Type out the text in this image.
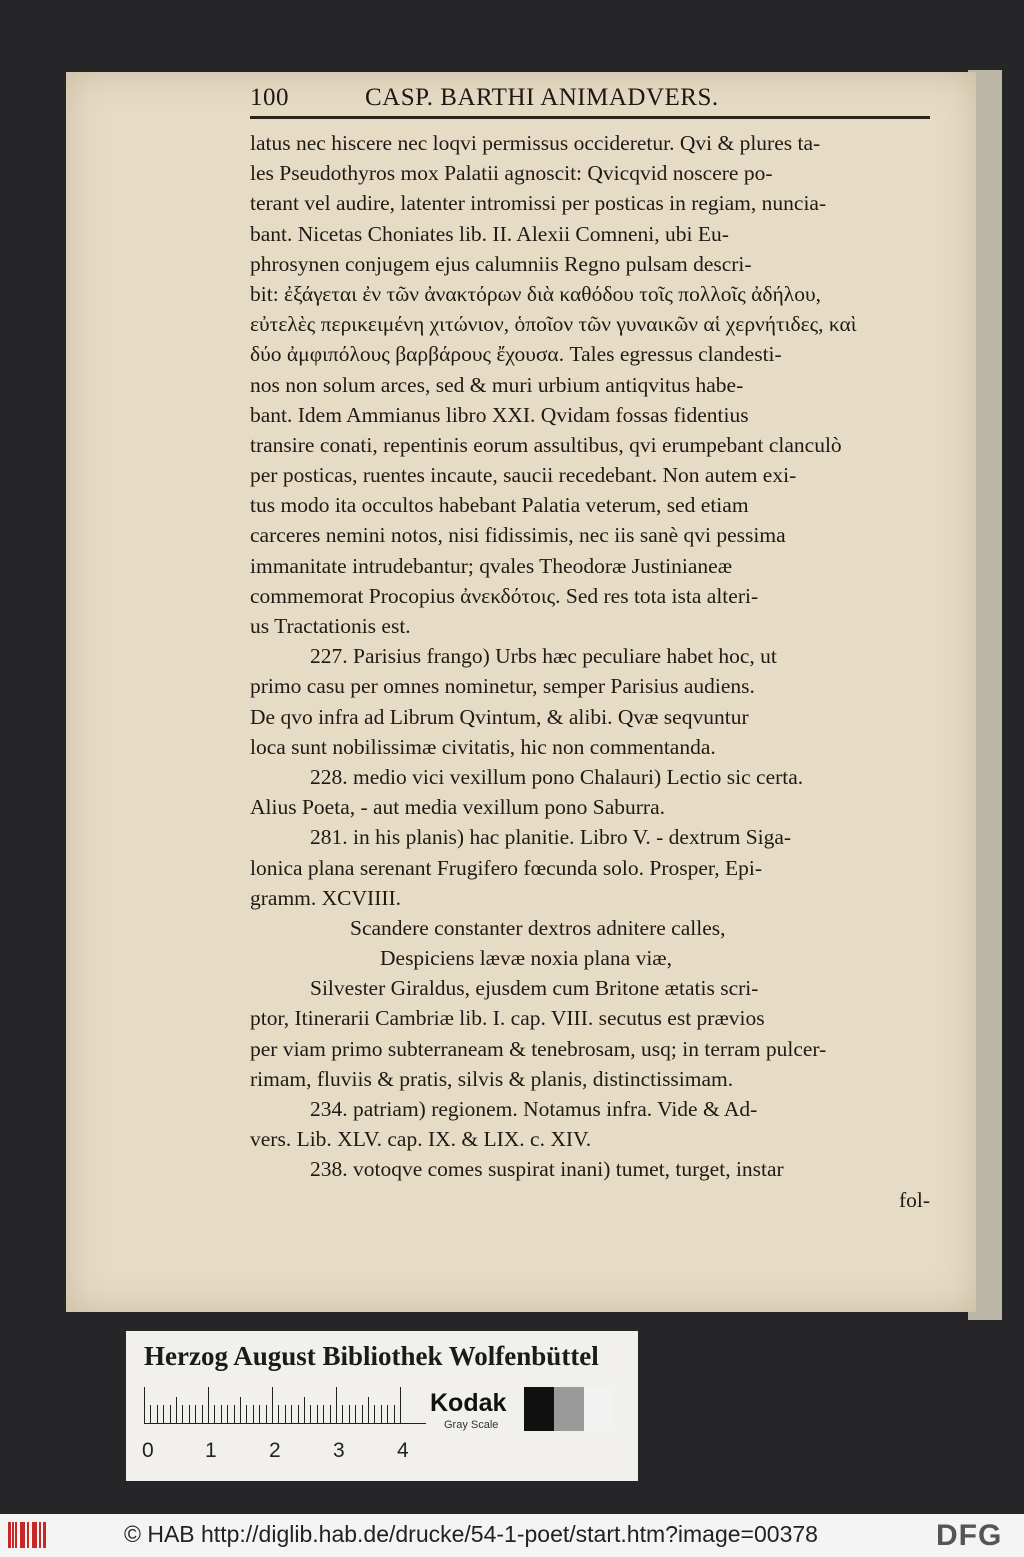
100	CASP. BARTHI ANIMADVERS.
latus nec hiscere nec loqvi permissus occideretur. Qvi & plures ta-
les Pseudothyros mox Palatii agnoscit: Qvicqvid noscere po-
terant vel audire, latenter intromissi per posticas in regiam, nuncia-
bant. Nicetas Choniates lib. II. Alexii Comneni, ubi Eu-
phrosynen conjugem ejus calumniis Regno pulsam descri-
bit: ἐξάγεται ἐν τῶν ἀνακτόρων διὰ καθόδου τοῖς πολλοῖς ἀδήλου,
εὐτελὲς περικειμένη χιτώνιον, ὁποῖον τῶν γυναικῶν αἱ χερνήτιδες, καὶ
δύο ἀμφιπόλους βαρβάρους ἔχουσα. Tales egressus clandesti-
nos non solum arces, sed & muri urbium antiqvitus habe-
bant. Idem Ammianus libro XXI. Qvidam fossas fidentius
transire conati, repentinis eorum assultibus, qvi erumpebant clanculò
per posticas, ruentes incaute, saucii recedebant. Non autem exi-
tus modo ita occultos habebant Palatia veterum, sed etiam
carceres nemini notos, nisi fidissimis, nec iis sanè qvi pessima
immanitate intrudebantur; qvales Theodoræ Justinianeæ
commemorat Procopius ἀνεκδότοις. Sed res tota ista alteri-
us Tractationis est.
227. Parisius frango) Urbs hæc peculiare habet hoc, ut
primo casu per omnes nominetur, semper Parisius audiens.
De qvo infra ad Librum Qvintum, & alibi. Qvæ seqvuntur
loca sunt nobilissimæ civitatis, hic non commentanda.
228. medio vici vexillum pono Chalauri) Lectio sic certa.
Alius Poeta, - aut media vexillum pono Saburra.
281. in his planis) hac planitie. Libro V. - dextrum Siga-
lonica plana serenant Frugifero fœcunda solo. Prosper, Epi-
gramm. XCVIIII.
Scandere constanter dextros adnitere calles,
Despiciens lævæ noxia plana viæ,
Silvester Giraldus, ejusdem cum Britone ætatis scri-
ptor, Itinerarii Cambriæ lib. I. cap. VIII. secutus est prævios
per viam primo subterraneam & tenebrosam, usq; in terram pulcer-
rimam, fluviis & pratis, silvis & planis, distinctissimam.
234. patriam) regionem. Notamus infra. Vide & Ad-
vers. Lib. XLV. cap. IX. & LIX. c. XIV.
238. votoqve comes suspirat inani) tumet, turget, instar
fol-
Herzog August Bibliothek Wolfenbüttel
0 1 2 3 4
Kodak
Gray Scale
© HAB http://diglib.hab.de/drucke/54-1-poet/start.htm?image=00378	DFG
